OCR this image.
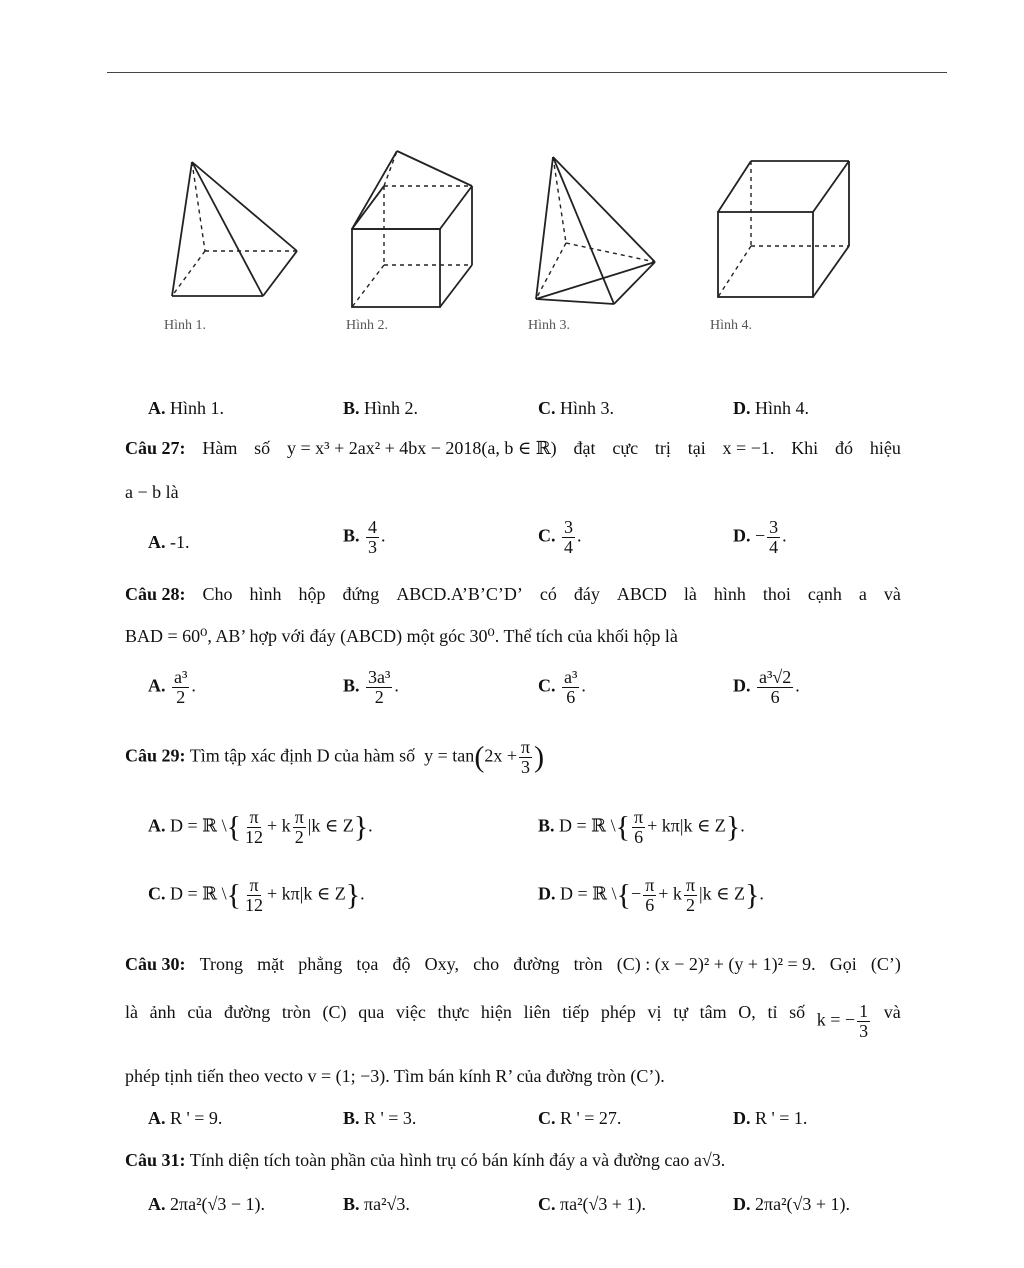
Hình 1.	Hình 2.	Hình 3.	Hình 4.
A. Hình 1.	B. Hình 2.	C. Hình 3.	D. Hình 4.
Câu 27: Hàm số y = x³ + 2ax² + 4bx − 2018(a, b ∈ ℝ) đạt cực trị tại x = −1. Khi đó hiệu
a − b là
A. -1.	B. $\frac{4}{3}$ .	C. $\frac{3}{4}$ .	D. − $\frac{3}{4}$ .
Câu 28: Cho hình hộp đứng ABCD.A’B’C’D’ có đáy ABCD là hình thoi cạnh a và
BAD = 60⁰, AB’ hợp với đáy (ABCD) một góc 30⁰. Thể tích của khối hộp là
A. $\frac{\text{a³}}{2}$ .	B. $\frac{\text{3a³}}{2}$ .	C. $\frac{\text{a³}}{6}$ .	D. $\frac{\text{a³√2}}{6}$ .
Câu 29: Tìm tập xác định D của hàm số $y = \tan(2x + \frac{\pi}{3}$ )
A. D = ℝ \{ $\frac{\pi}{12} + k \frac{\pi}{2} |k$ ∈ Z}.	B. D = ℝ \{ $\frac{\pi}{6} + k\pi|k$ ∈ Z}.
C. D = ℝ \{ $\frac{\pi}{12} + k\pi|k$ ∈ Z}.	D. D = ℝ \{− $\frac{\pi}{6} + k \frac{\pi}{2} |k$ ∈ Z}.
Câu 30: Trong mặt phẳng tọa độ Oxy, cho đường tròn (C) : (x − 2)² + (y + 1)² = 9. Gọi (C’)
là ảnh của đường tròn (C) qua việc thực hiện liên tiếp phép vị tự tâm O, tỉ số k = − $\frac{1}{3}$ và
phép tịnh tiến theo vecto v = (1; −3). Tìm bán kính R’ của đường tròn (C’).
A. R ' = 9.	B. R ' = 3.	C. R ' = 27.	D. R ' = 1.
Câu 31: Tính diện tích toàn phần của hình trụ có bán kính đáy a và đường cao a√3.
A. 2πa²(√3 − 1).	B. πa²√3.	C. πa²(√3 + 1).	D. 2πa²(√3 + 1).
